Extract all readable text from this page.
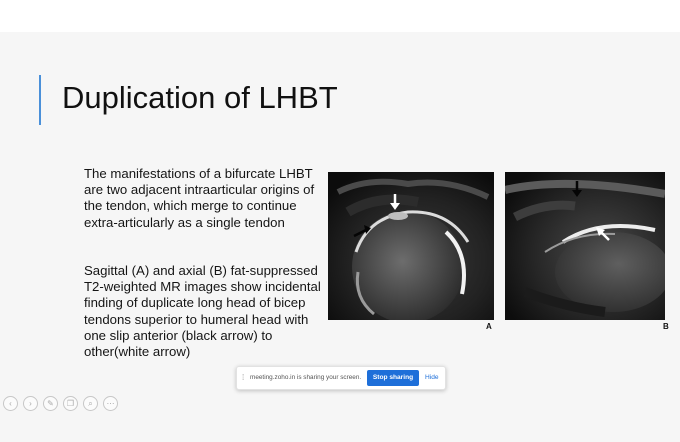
Duplication of LHBT

The manifestations of a bifurcate LHBT are two adjacent intraarticular origins of the tendon, which merge to continue extra-articularly as a single tendon

Sagittal (A) and axial (B) fat-suppressed T2-weighted MR images show incidental finding of duplicate long head of bicep tendons superior to humeral head with one slip anterior (black arrow) to other(white arrow)

A	B
⁞ meeting.zoho.in is sharing your screen.	Stop sharing	Hide
‹	›	✎	❐	⌕	⋯
